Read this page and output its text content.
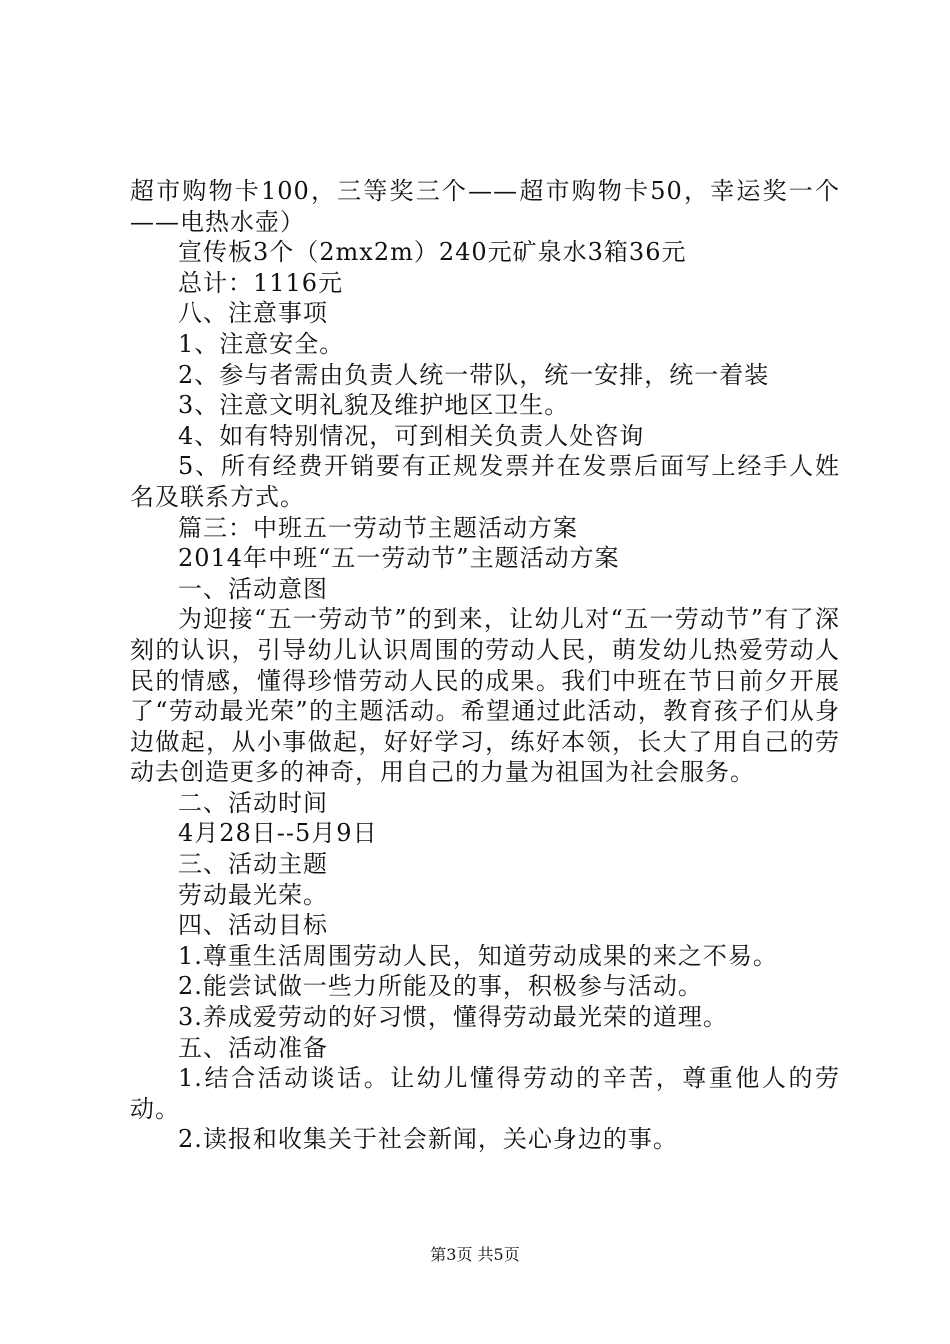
超市购物卡100，三等奖三个——超市购物卡50，幸运奖一个——电热水壶）

宣传板3个（2mx2m）240元矿泉水3箱36元

总计：1116元

八、注意事项

1、注意安全。

2、参与者需由负责人统一带队，统一安排，统一着装

3、注意文明礼貌及维护地区卫生。

4、如有特别情况，可到相关负责人处咨询

5、所有经费开销要有正规发票并在发票后面写上经手人姓名及联系方式。

篇三：中班五一劳动节主题活动方案

2014年中班“五一劳动节”主题活动方案

一、活动意图

为迎接“五一劳动节”的到来，让幼儿对“五一劳动节”有了深刻的认识，引导幼儿认识周围的劳动人民，萌发幼儿热爱劳动人民的情感，懂得珍惜劳动人民的成果。我们中班在节日前夕开展了“劳动最光荣”的主题活动。希望通过此活动，教育孩子们从身边做起，从小事做起，好好学习，练好本领，长大了用自己的劳动去创造更多的神奇，用自己的力量为祖国为社会服务。

二、活动时间

4月28日--5月9日

三、活动主题

劳动最光荣。

四、活动目标

1.尊重生活周围劳动人民，知道劳动成果的来之不易。

2.能尝试做一些力所能及的事，积极参与活动。

3.养成爱劳动的好习惯，懂得劳动最光荣的道理。

五、活动准备

1.结合活动谈话。让幼儿懂得劳动的辛苦，尊重他人的劳动。

2.读报和收集关于社会新闻，关心身边的事。

第3页 共5页
